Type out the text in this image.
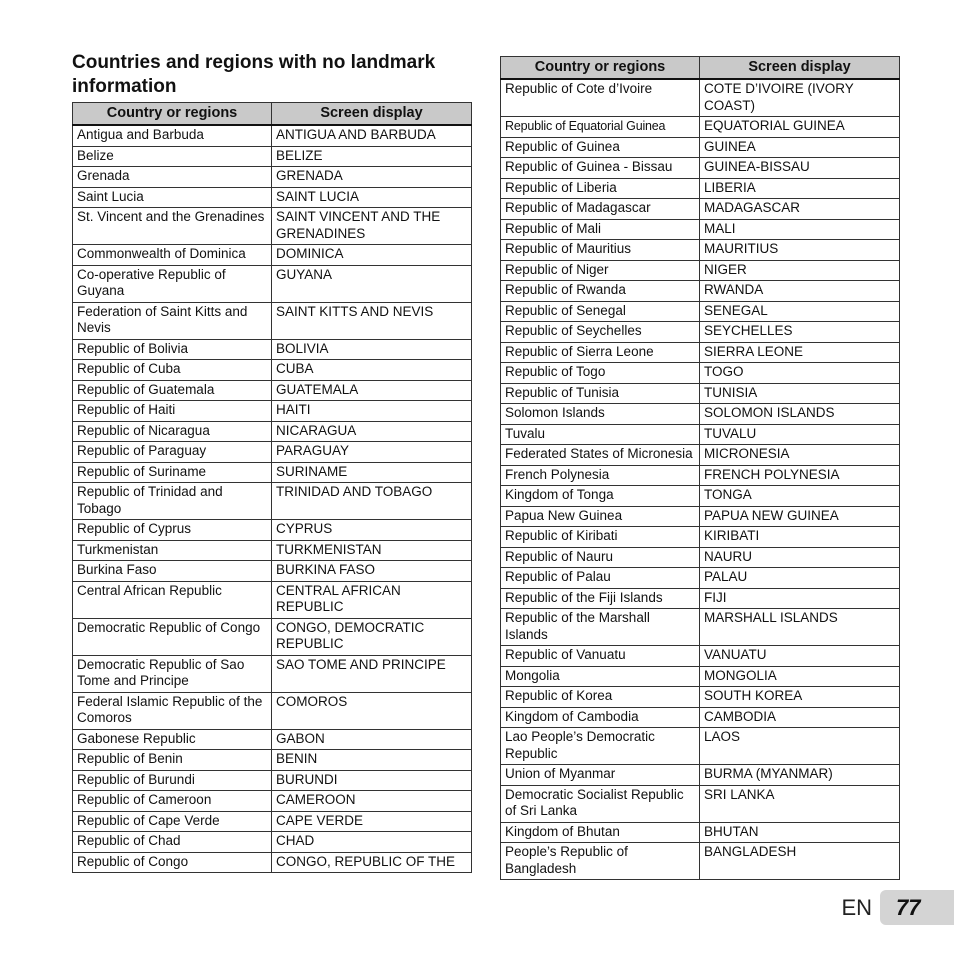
Countries and regions with no landmark information
Country or regions	Screen display
Antigua and Barbuda	ANTIGUA AND BARBUDA
Belize	BELIZE
Grenada	GRENADA
Saint Lucia	SAINT LUCIA
St. Vincent and the Grenadines	SAINT VINCENT AND THE GRENADINES
Commonwealth of Dominica	DOMINICA
Co-operative Republic of Guyana	GUYANA
Federation of Saint Kitts and Nevis	SAINT KITTS AND NEVIS
Republic of Bolivia	BOLIVIA
Republic of Cuba	CUBA
Republic of Guatemala	GUATEMALA
Republic of Haiti	HAITI
Republic of Nicaragua	NICARAGUA
Republic of Paraguay	PARAGUAY
Republic of Suriname	SURINAME
Republic of Trinidad and Tobago	TRINIDAD AND TOBAGO
Republic of Cyprus	CYPRUS
Turkmenistan	TURKMENISTAN
Burkina Faso	BURKINA FASO
Central African Republic	CENTRAL AFRICAN REPUBLIC
Democratic Republic of Congo	CONGO, DEMOCRATIC REPUBLIC
Democratic Republic of Sao Tome and Principe	SAO TOME AND PRINCIPE
Federal Islamic Republic of the Comoros	COMOROS
Gabonese Republic	GABON
Republic of Benin	BENIN
Republic of Burundi	BURUNDI
Republic of Cameroon	CAMEROON
Republic of Cape Verde	CAPE VERDE
Republic of Chad	CHAD
Republic of Congo	CONGO, REPUBLIC OF THE
Country or regions	Screen display
Republic of Cote d’Ivoire	COTE D’IVOIRE (IVORY COAST)
Republic of Equatorial Guinea	EQUATORIAL GUINEA
Republic of Guinea	GUINEA
Republic of Guinea - Bissau	GUINEA-BISSAU
Republic of Liberia	LIBERIA
Republic of Madagascar	MADAGASCAR
Republic of Mali	MALI
Republic of Mauritius	MAURITIUS
Republic of Niger	NIGER
Republic of Rwanda	RWANDA
Republic of Senegal	SENEGAL
Republic of Seychelles	SEYCHELLES
Republic of Sierra Leone	SIERRA LEONE
Republic of Togo	TOGO
Republic of Tunisia	TUNISIA
Solomon Islands	SOLOMON ISLANDS
Tuvalu	TUVALU
Federated States of Micronesia	MICRONESIA
French Polynesia	FRENCH POLYNESIA
Kingdom of Tonga	TONGA
Papua New Guinea	PAPUA NEW GUINEA
Republic of Kiribati	KIRIBATI
Republic of Nauru	NAURU
Republic of Palau	PALAU
Republic of the Fiji Islands	FIJI
Republic of the Marshall Islands	MARSHALL ISLANDS
Republic of Vanuatu	VANUATU
Mongolia	MONGOLIA
Republic of Korea	SOUTH KOREA
Kingdom of Cambodia	CAMBODIA
Lao People’s Democratic Republic	LAOS
Union of Myanmar	BURMA (MYANMAR)
Democratic Socialist Republic of Sri Lanka	SRI LANKA
Kingdom of Bhutan	BHUTAN
People’s Republic of Bangladesh	BANGLADESH
EN	77
